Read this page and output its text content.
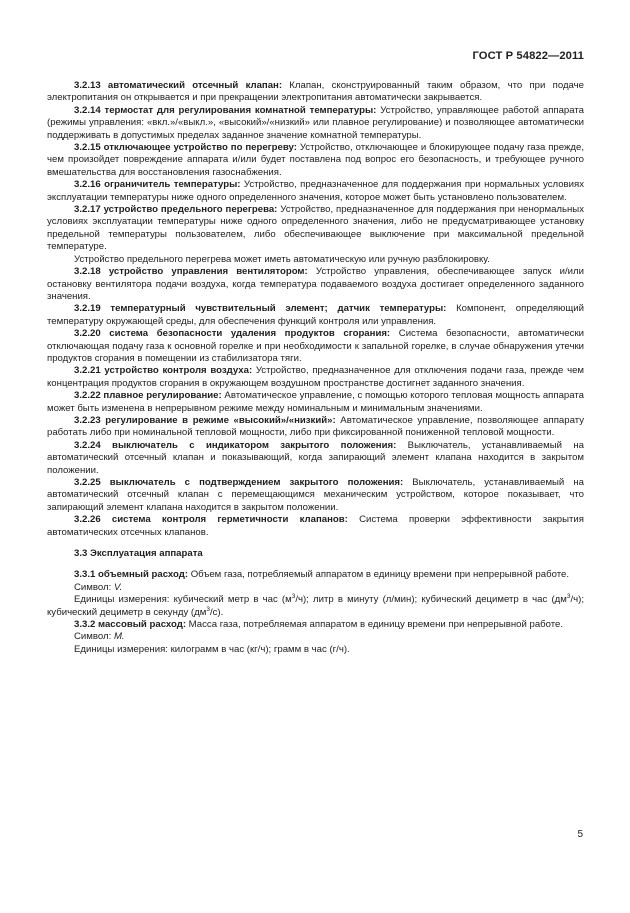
ГОСТ Р 54822—2011

3.2.13 автоматический отсечный клапан: Клапан, сконструированный таким образом, что при подаче электропитания он открывается и при прекращении электропитания автоматически закрывается.

3.2.14 термостат для регулирования комнатной температуры: Устройство, управляющее работой аппарата (режимы управления: «вкл.»/«выкл.», «высокий»/«низкий» или плавное регулирование) и позволяющее автоматически поддерживать в допустимых пределах заданное значение комнатной температуры.

3.2.15 отключающее устройство по перегреву: Устройство, отключающее и блокирующее подачу газа прежде, чем произойдет повреждение аппарата и/или будет поставлена под вопрос его безопасность, и требующее ручного вмешательства для восстановления газоснабжения.

3.2.16 ограничитель температуры: Устройство, предназначенное для поддержания при нормальных условиях эксплуатации температуры ниже одного определенного значения, которое может быть установлено пользователем.

3.2.17 устройство предельного перегрева: Устройство, предназначенное для поддержания при ненормальных условиях эксплуатации температуры ниже одного определенного значения, либо не предусматривающее установку предельной температуры пользователем, либо обеспечивающее выключение при максимальной предельной температуре.

Устройство предельного перегрева может иметь автоматическую или ручную разблокировку.

3.2.18 устройство управления вентилятором: Устройство управления, обеспечивающее запуск и/или остановку вентилятора подачи воздуха, когда температура подаваемого воздуха достигает определенного заданного значения.

3.2.19 температурный чувствительный элемент; датчик температуры: Компонент, определяющий температуру окружающей среды, для обеспечения функций контроля или управления.

3.2.20 система безопасности удаления продуктов сгорания: Система безопасности, автоматически отключающая подачу газа к основной горелке и при необходимости к запальной горелке, в случае обнаружения утечки продуктов сгорания в помещении из стабилизатора тяги.

3.2.21 устройство контроля воздуха: Устройство, предназначенное для отключения подачи газа, прежде чем концентрация продуктов сгорания в окружающем воздушном пространстве достигнет заданного значения.

3.2.22 плавное регулирование: Автоматическое управление, с помощью которого тепловая мощность аппарата может быть изменена в непрерывном режиме между номинальным и минимальным значениями.

3.2.23 регулирование в режиме «высокий»/«низкий»: Автоматическое управление, позволяющее аппарату работать либо при номинальной тепловой мощности, либо при фиксированной пониженной тепловой мощности.

3.2.24 выключатель с индикатором закрытого положения: Выключатель, устанавливаемый на автоматический отсечный клапан и показывающий, когда запирающий элемент клапана находится в закрытом положении.

3.2.25 выключатель с подтверждением закрытого положения: Выключатель, устанавливаемый на автоматический отсечный клапан с перемещающимся механическим устройством, которое показывает, что запирающий элемент клапана находится в закрытом положении.

3.2.26 система контроля герметичности клапанов: Cистема проверки эффективности закрытия автоматических отсечных клапанов.

3.3 Эксплуатация аппарата

3.3.1 объемный расход: Объем газа, потребляемый аппаратом в единицу времени при непрерывной работе.

Символ: V.

Единицы измерения: кубический метр в час $(м^3/ч)$; литр в минуту (л/мин); кубический дециметр в час $(дм^3/ч)$; кубический дециметр в секунду $(дм^3/с)$.

3.3.2 массовый расход: Масса газа, потребляемая аппаратом в единицу времени при непрерывной работе.

Символ: M.

Единицы измерения: килограмм в час (кг/ч); грамм в час (г/ч).

5
